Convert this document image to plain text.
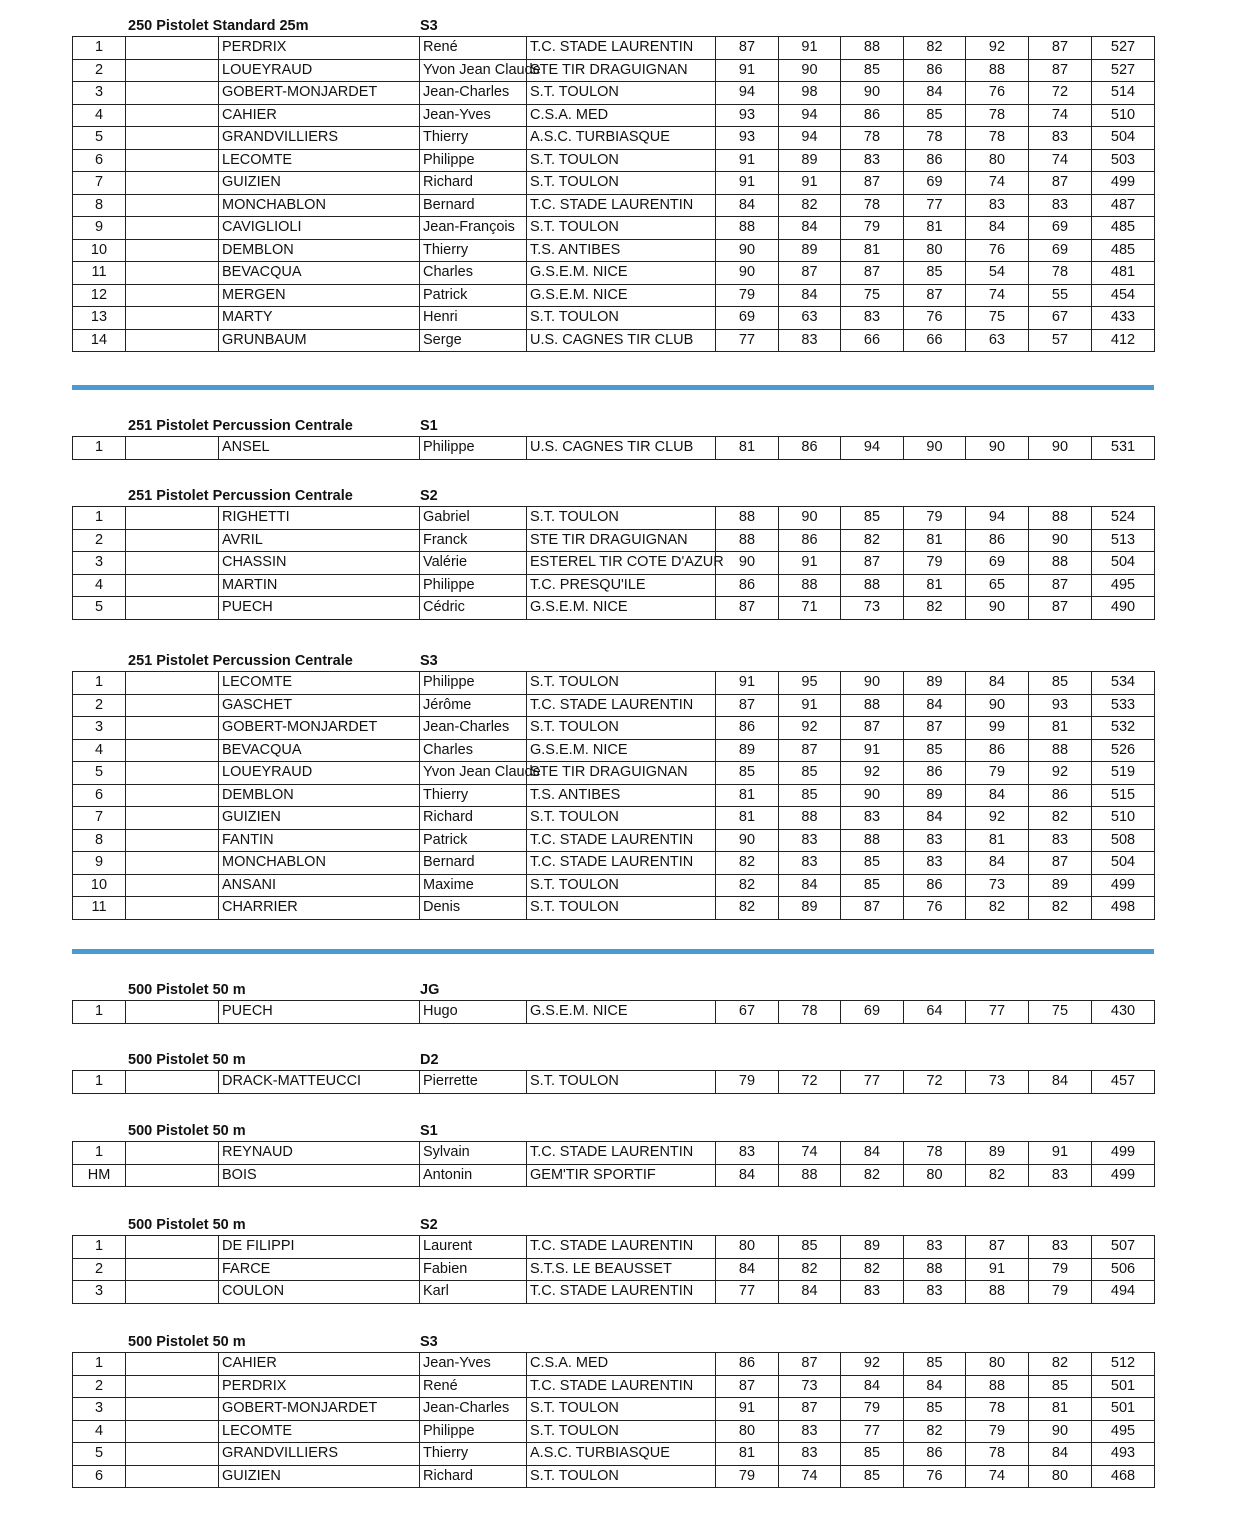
250 Pistolet Standard 25m	S3
1		PERDRIX	René	T.C. STADE LAURENTIN	87	91	88	82	92	87	527
2		LOUEYRAUD	Yvon Jean Claude	STE TIR DRAGUIGNAN	91	90	85	86	88	87	527
3		GOBERT-MONJARDET	Jean-Charles	S.T. TOULON	94	98	90	84	76	72	514
4		CAHIER	Jean-Yves	C.S.A. MED	93	94	86	85	78	74	510
5		GRANDVILLIERS	Thierry	A.S.C. TURBIASQUE	93	94	78	78	78	83	504
6		LECOMTE	Philippe	S.T. TOULON	91	89	83	86	80	74	503
7		GUIZIEN	Richard	S.T. TOULON	91	91	87	69	74	87	499
8		MONCHABLON	Bernard	T.C. STADE LAURENTIN	84	82	78	77	83	83	487
9		CAVIGLIOLI	Jean-François	S.T. TOULON	88	84	79	81	84	69	485
10		DEMBLON	Thierry	T.S. ANTIBES	90	89	81	80	76	69	485
11		BEVACQUA	Charles	G.S.E.M. NICE	90	87	87	85	54	78	481
12		MERGEN	Patrick	G.S.E.M. NICE	79	84	75	87	74	55	454
13		MARTY	Henri	S.T. TOULON	69	63	83	76	75	67	433
14		GRUNBAUM	Serge	U.S. CAGNES TIR CLUB	77	83	66	66	63	57	412
251 Pistolet Percussion Centrale	S1
1		ANSEL	Philippe	U.S. CAGNES TIR CLUB	81	86	94	90	90	90	531
251 Pistolet Percussion Centrale	S2
1		RIGHETTI	Gabriel	S.T. TOULON	88	90	85	79	94	88	524
2		AVRIL	Franck	STE TIR DRAGUIGNAN	88	86	82	81	86	90	513
3		CHASSIN	Valérie	ESTEREL TIR COTE D'AZUR	90	91	87	79	69	88	504
4		MARTIN	Philippe	T.C. PRESQU'ILE	86	88	88	81	65	87	495
5		PUECH	Cédric	G.S.E.M. NICE	87	71	73	82	90	87	490
251 Pistolet Percussion Centrale	S3
1		LECOMTE	Philippe	S.T. TOULON	91	95	90	89	84	85	534
2		GASCHET	Jérôme	T.C. STADE LAURENTIN	87	91	88	84	90	93	533
3		GOBERT-MONJARDET	Jean-Charles	S.T. TOULON	86	92	87	87	99	81	532
4		BEVACQUA	Charles	G.S.E.M. NICE	89	87	91	85	86	88	526
5		LOUEYRAUD	Yvon Jean Claude	STE TIR DRAGUIGNAN	85	85	92	86	79	92	519
6		DEMBLON	Thierry	T.S. ANTIBES	81	85	90	89	84	86	515
7		GUIZIEN	Richard	S.T. TOULON	81	88	83	84	92	82	510
8		FANTIN	Patrick	T.C. STADE LAURENTIN	90	83	88	83	81	83	508
9		MONCHABLON	Bernard	T.C. STADE LAURENTIN	82	83	85	83	84	87	504
10		ANSANI	Maxime	S.T. TOULON	82	84	85	86	73	89	499
11		CHARRIER	Denis	S.T. TOULON	82	89	87	76	82	82	498
500 Pistolet 50 m	JG
1		PUECH	Hugo	G.S.E.M. NICE	67	78	69	64	77	75	430
500 Pistolet 50 m	D2
1		DRACK-MATTEUCCI	Pierrette	S.T. TOULON	79	72	77	72	73	84	457
500 Pistolet 50 m	S1
1		REYNAUD	Sylvain	T.C. STADE LAURENTIN	83	74	84	78	89	91	499
HM		BOIS	Antonin	GEM'TIR SPORTIF	84	88	82	80	82	83	499
500 Pistolet 50 m	S2
1		DE FILIPPI	Laurent	T.C. STADE LAURENTIN	80	85	89	83	87	83	507
2		FARCE	Fabien	S.T.S. LE BEAUSSET	84	82	82	88	91	79	506
3		COULON	Karl	T.C. STADE LAURENTIN	77	84	83	83	88	79	494
500 Pistolet 50 m	S3
1		CAHIER	Jean-Yves	C.S.A. MED	86	87	92	85	80	82	512
2		PERDRIX	René	T.C. STADE LAURENTIN	87	73	84	84	88	85	501
3		GOBERT-MONJARDET	Jean-Charles	S.T. TOULON	91	87	79	85	78	81	501
4		LECOMTE	Philippe	S.T. TOULON	80	83	77	82	79	90	495
5		GRANDVILLIERS	Thierry	A.S.C. TURBIASQUE	81	83	85	86	78	84	493
6		GUIZIEN	Richard	S.T. TOULON	79	74	85	76	74	80	468
